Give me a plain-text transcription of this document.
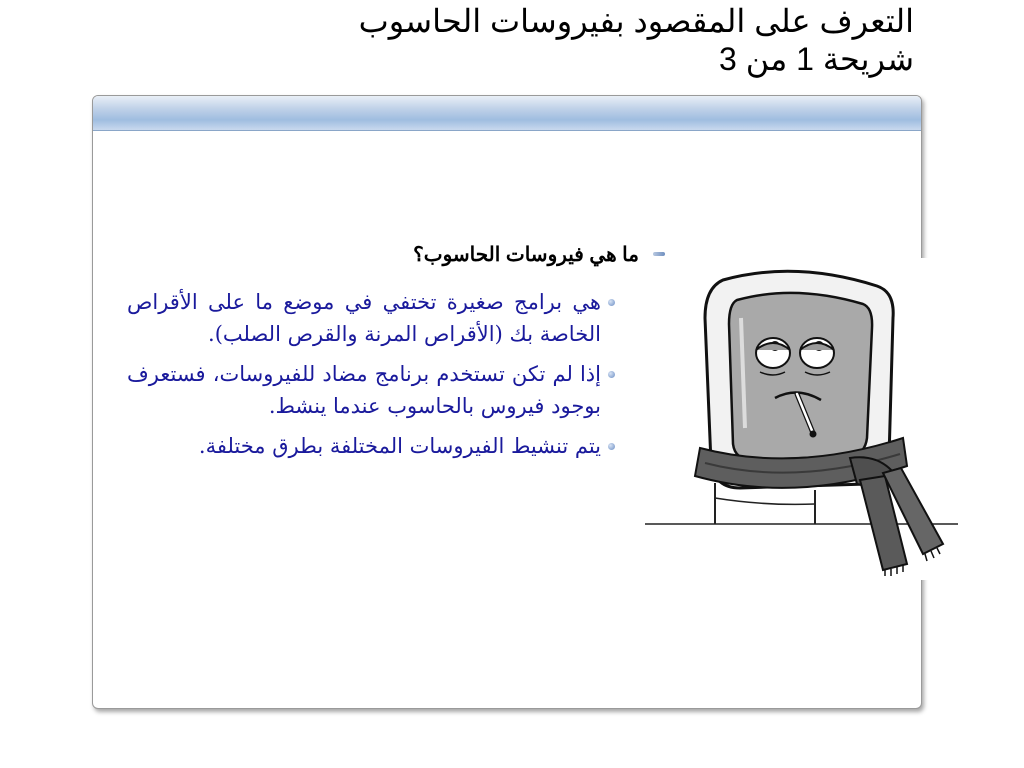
التعرف على المقصود بفيروسات الحاسوب
شريحة 1 من 3
ما هي فيروسات الحاسوب؟
هي برامج صغيرة تختفي في موضع ما على الأقراص الخاصة بك (الأقراص المرنة والقرص الصلب).
إذا لم تكن تستخدم برنامج مضاد للفيروسات، فستعرف بوجود فيروس بالحاسوب عندما ينشط.
يتم تنشيط الفيروسات المختلفة بطرق مختلفة.
